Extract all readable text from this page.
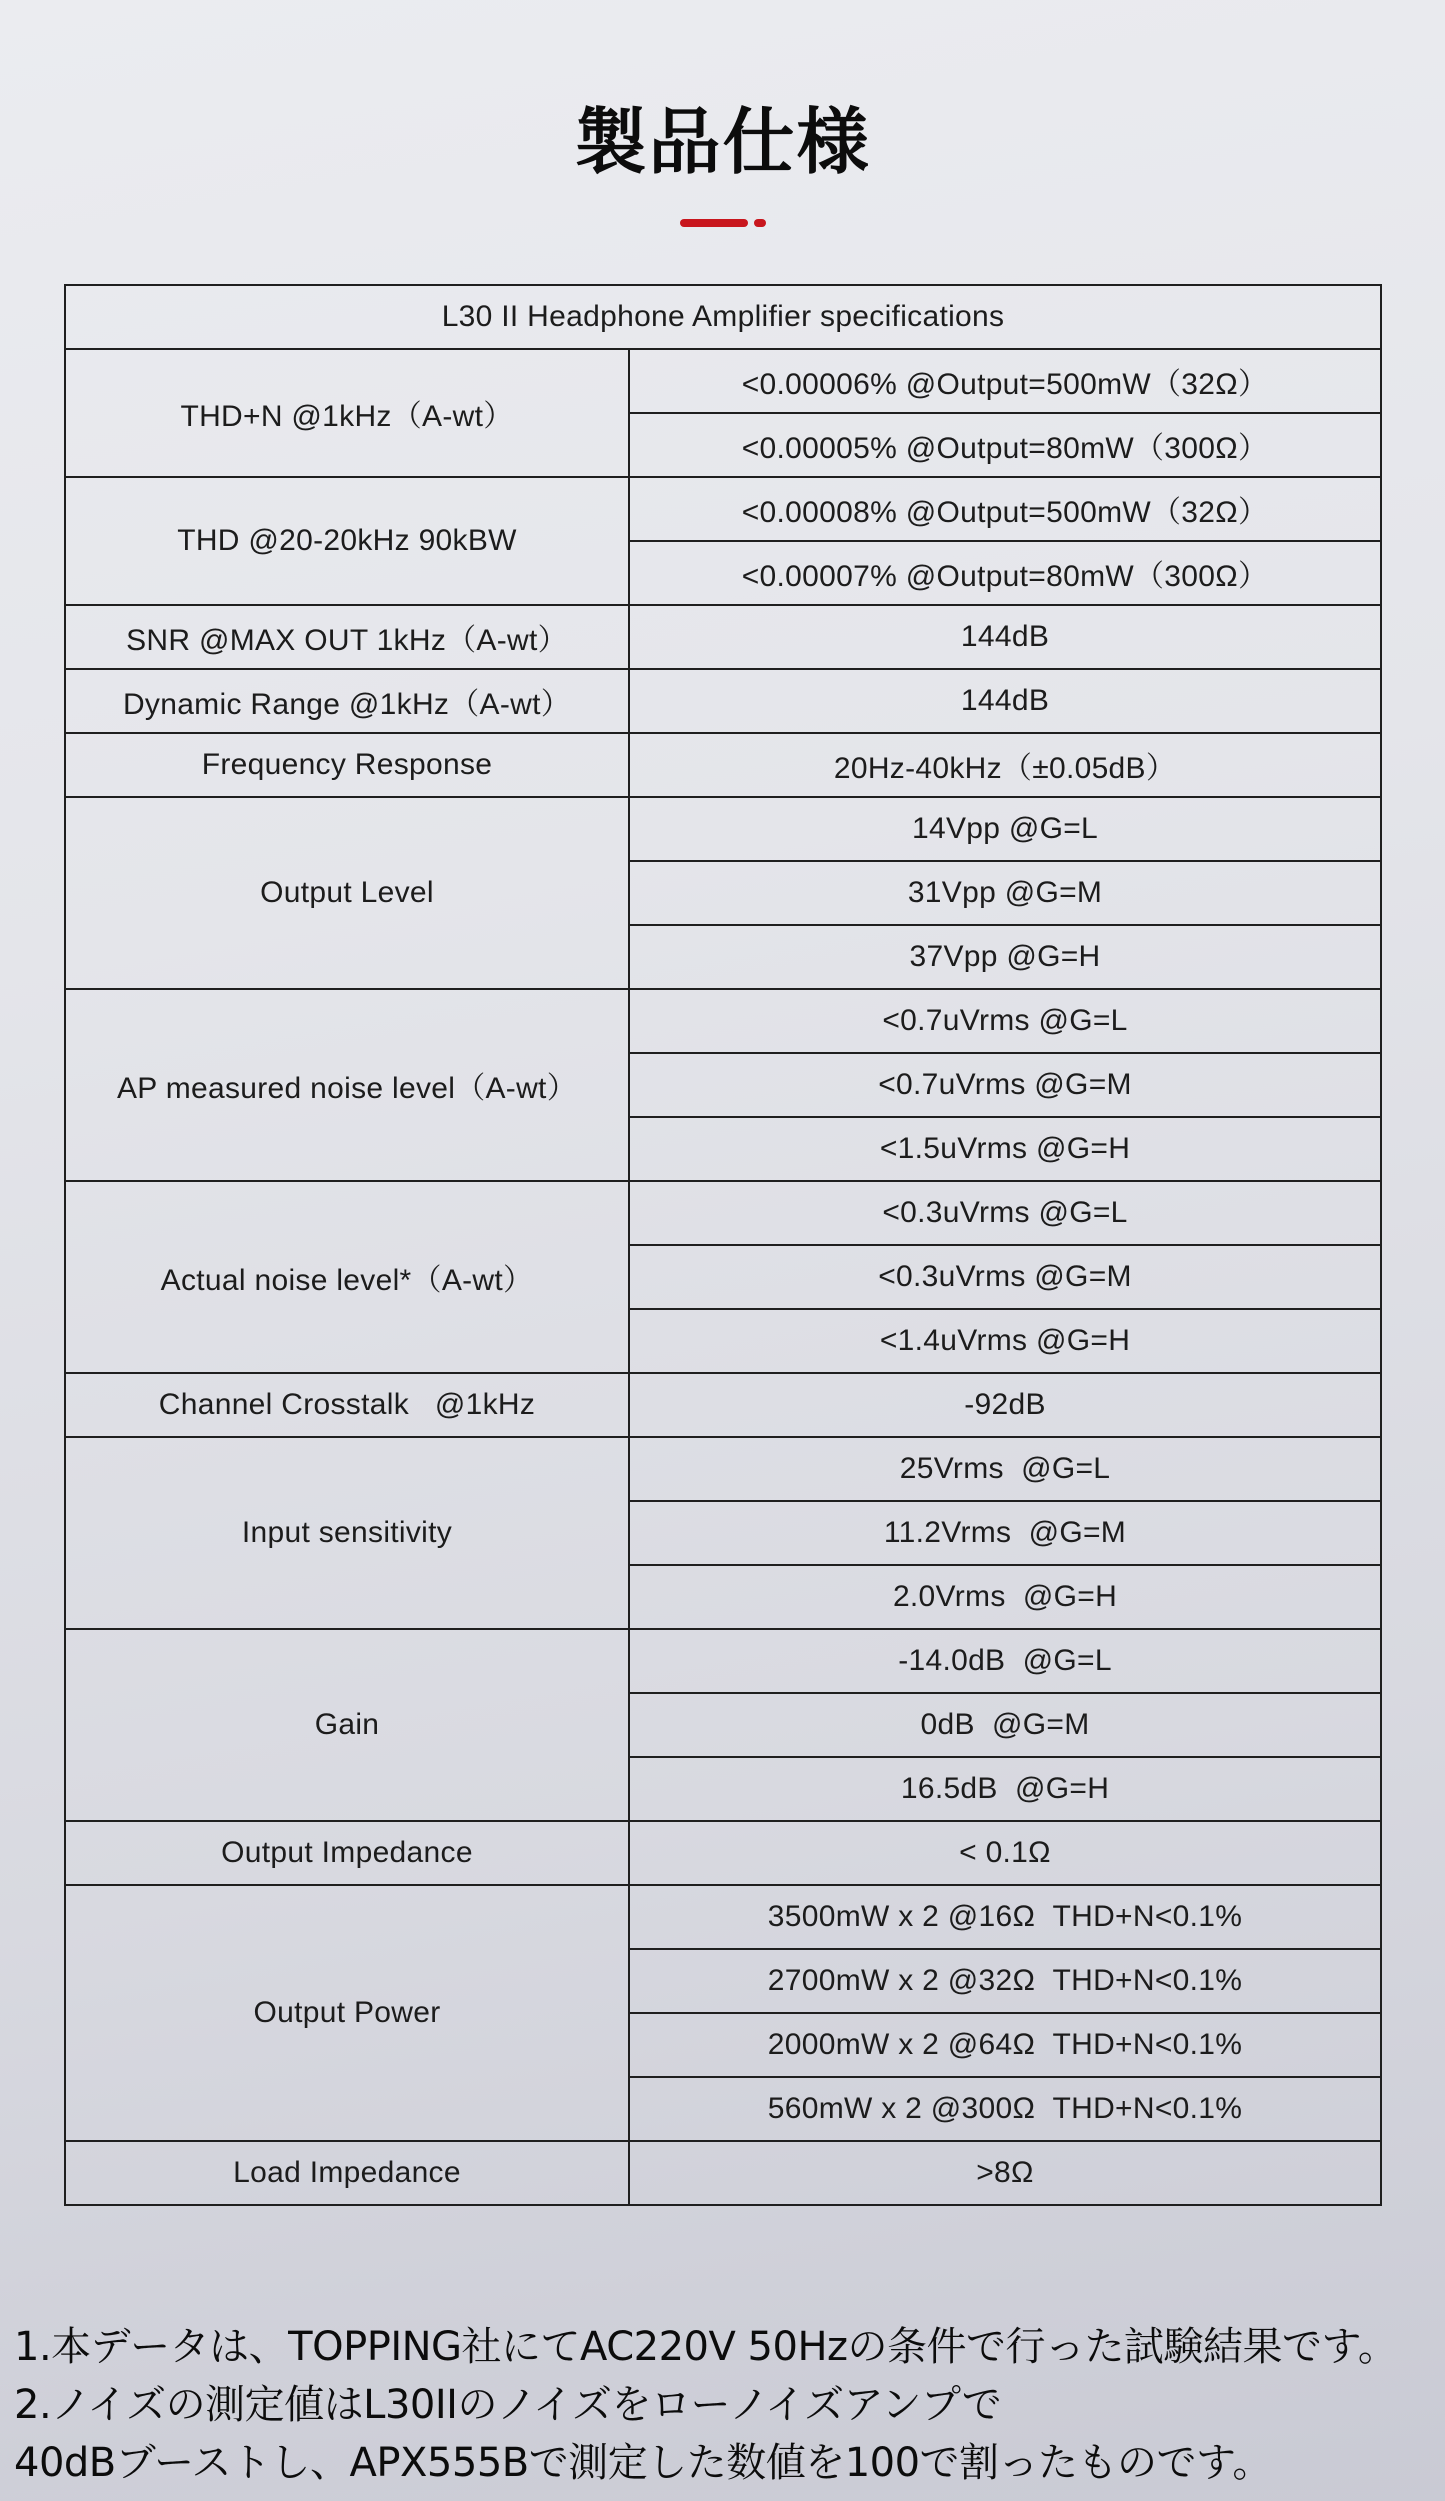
製品仕様
L30 II Headphone Amplifier specifications	
THD+N @1kHz（A-wt）	<0.00006% @Output=500mW（32Ω）
	<0.00005% @Output=80mW（300Ω）
THD @20-20kHz 90kBW	<0.00008% @Output=500mW（32Ω）
	<0.00007% @Output=80mW（300Ω）
SNR @MAX OUT 1kHz（A-wt）	144dB
Dynamic Range @1kHz（A-wt）	144dB
Frequency Response	20Hz-40kHz（±0.05dB）
Output Level	14Vpp @G=L
	31Vpp @G=M
	37Vpp @G=H
AP measured noise level（A-wt）	<0.7uVrms @G=L
	<0.7uVrms @G=M
	<1.5uVrms @G=H
Actual noise level*（A-wt）	<0.3uVrms @G=L
	<0.3uVrms @G=M
	<1.4uVrms @G=H
Channel Crosstalk   @1kHz	-92dB
Input sensitivity	25Vrms  @G=L
	11.2Vrms  @G=M
	2.0Vrms  @G=H
Gain	-14.0dB  @G=L
	0dB  @G=M
	16.5dB  @G=H
Output Impedance	< 0.1Ω
Output Power	3500mW x 2 @16Ω  THD+N<0.1%
	2700mW x 2 @32Ω  THD+N<0.1%
	2000mW x 2 @64Ω  THD+N<0.1%
	560mW x 2 @300Ω  THD+N<0.1%
Load Impedance	>8Ω
1.本データは、TOPPING社にてAC220V 50Hzの条件で行った試験結果です。
2.ノイズの測定値はL30IIのノイズをローノイズアンプで
40dBブーストし、APX555Bで測定した数値を100で割ったものです。
